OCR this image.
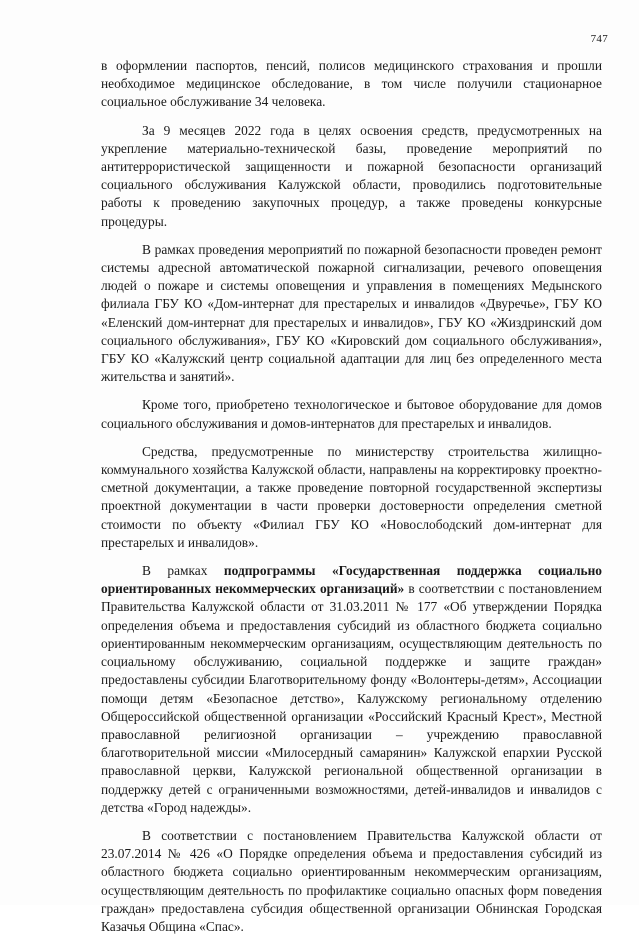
747

в оформлении паспортов, пенсий, полисов медицинского страхования и прошли необходимое медицинское обследование, в том числе получили стационарное социальное обслуживание 34 человека.

За 9 месяцев 2022 года в целях освоения средств, предусмотренных на укрепление материально-технической базы, проведение мероприятий по антитеррористической защищенности и пожарной безопасности организаций социального обслуживания Калужской области, проводились подготовительные работы к проведению закупочных процедур, а также проведены конкурсные процедуры.

В рамках проведения мероприятий по пожарной безопасности проведен ремонт системы адресной автоматической пожарной сигнализации, речевого оповещения людей о пожаре и системы оповещения и управления в помещениях Медынского филиала ГБУ КО «Дом-интернат для престарелых и инвалидов «Двуречье», ГБУ КО «Еленский дом-интернат для престарелых и инвалидов», ГБУ КО «Жиздринский дом социального обслуживания», ГБУ КО «Кировский дом социального обслуживания», ГБУ КО «Калужский центр социальной адаптации для лиц без определенного места жительства и занятий».

Кроме того, приобретено технологическое и бытовое оборудование для домов социального обслуживания и домов-интернатов для престарелых и инвалидов.

Средства, предусмотренные по министерству строительства жилищно-коммунального хозяйства Калужской области, направлены на корректировку проектно-сметной документации, а также проведение повторной государственной экспертизы проектной документации в части проверки достоверности определения сметной стоимости по объекту «Филиал ГБУ КО «Новослободский дом-интернат для престарелых и инвалидов».

В рамках подпрограммы «Государственная поддержка социально ориентированных некоммерческих организаций» в соответствии с постановлением Правительства Калужской области от 31.03.2011 № 177 «Об утверждении Порядка определения объема и предоставления субсидий из областного бюджета социально ориентированным некоммерческим организациям, осуществляющим деятельность по социальному обслуживанию, социальной поддержке и защите граждан» предоставлены субсидии Благотворительному фонду «Волонтеры-детям», Ассоциации помощи детям «Безопасное детство», Калужскому региональному отделению Общероссийской общественной организации «Российский Красный Крест», Местной православной религиозной организации – учреждению православной благотворительной миссии «Милосердный самарянин» Калужской епархии Русской православной церкви, Калужской региональной общественной организации в поддержку детей с ограниченными возможностями, детей-инвалидов и инвалидов с детства «Город надежды».

В соответствии с постановлением Правительства Калужской области от 23.07.2014 № 426 «О Порядке определения объема и предоставления субсидий из областного бюджета социально ориентированным некоммерческим организациям, осуществляющим деятельность по профилактике социально опасных форм поведения граждан» предоставлена субсидия общественной организации Обнинская Городская Казачья Община «Спас».
